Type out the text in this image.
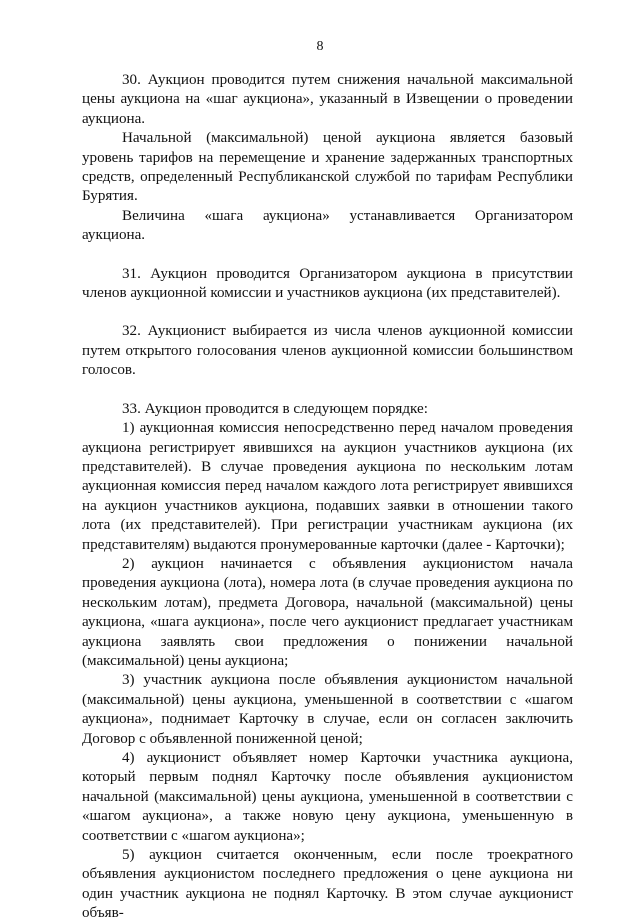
8

30. Аукцион проводится путем снижения начальной максимальной цены аукциона на «шаг аукциона», указанный в Извещении о проведении аукциона.

Начальной (максимальной) ценой аукциона является базовый уровень тарифов на перемещение и хранение задержанных транспортных средств, определенный Республиканской службой по тарифам Республики Бурятия.

Величина «шага аукциона» устанавливается Организатором аукциона.

31. Аукцион проводится Организатором аукциона в присутствии членов аукционной комиссии и участников аукциона (их представителей).

32. Аукционист выбирается из числа членов аукционной комиссии путем открытого голосования членов аукционной комиссии большинством голосов.

33. Аукцион проводится в следующем порядке:

1) аукционная комиссия непосредственно перед началом проведения аукциона регистрирует явившихся на аукцион участников аукциона (их представителей). В случае проведения аукциона по нескольким лотам аукционная комиссия перед началом каждого лота регистрирует явившихся на аукцион участников аукциона, подавших заявки в отношении такого лота (их представителей). При регистрации участникам аукциона (их представителям) выдаются пронумерованные карточки (далее - Карточки);

2) аукцион начинается с объявления аукционистом начала проведения аукциона (лота), номера лота (в случае проведения аукциона по нескольким лотам), предмета Договора, начальной (максимальной) цены аукциона, «шага аукциона», после чего аукционист предлагает участникам аукциона заявлять свои предложения о понижении начальной (максимальной) цены аукциона;

3) участник аукциона после объявления аукционистом начальной (максимальной) цены аукциона, уменьшенной в соответствии с «шагом аукциона», поднимает Карточку в случае, если он согласен заключить Договор с объявленной пониженной ценой;

4) аукционист объявляет номер Карточки участника аукциона, который первым поднял Карточку после объявления аукционистом начальной (максимальной) цены аукциона, уменьшенной в соответствии с «шагом аукциона», а также новую цену аукциона, уменьшенную в соответствии с «шагом аукциона»;

5) аукцион считается оконченным, если после троекратного объявления аукционистом последнего предложения о цене аукциона ни один участник аукциона не поднял Карточку. В этом случае аукционист объяв-
